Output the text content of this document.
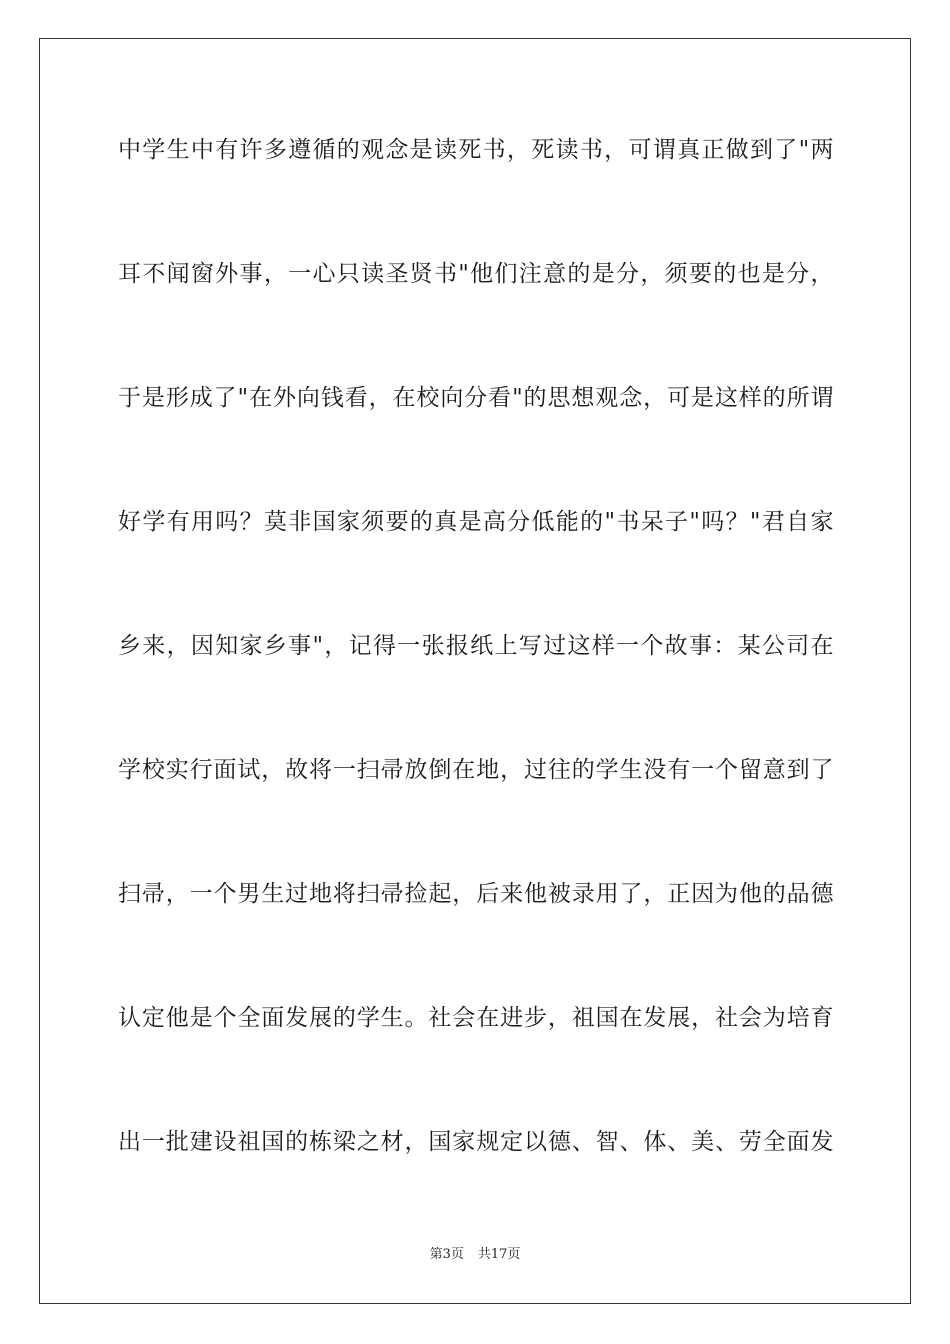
中学生中有许多遵循的观念是读死书，死读书，可谓真正做到了"两
耳不闻窗外事，一心只读圣贤书"他们注意的是分，须要的也是分，
于是形成了"在外向钱看，在校向分看"的思想观念，可是这样的所谓
好学有用吗？莫非国家须要的真是高分低能的"书呆子"吗？"君自家
乡来，因知家乡事"，记得一张报纸上写过这样一个故事：某公司在
学校实行面试，故将一扫帚放倒在地，过往的学生没有一个留意到了
扫帚，一个男生过地将扫帚捡起，后来他被录用了，正因为他的品德
认定他是个全面发展的学生。社会在进步，祖国在发展，社会为培育
出一批建设祖国的栋梁之材，国家规定以德、智、体、美、劳全面发
第3页 共17页
